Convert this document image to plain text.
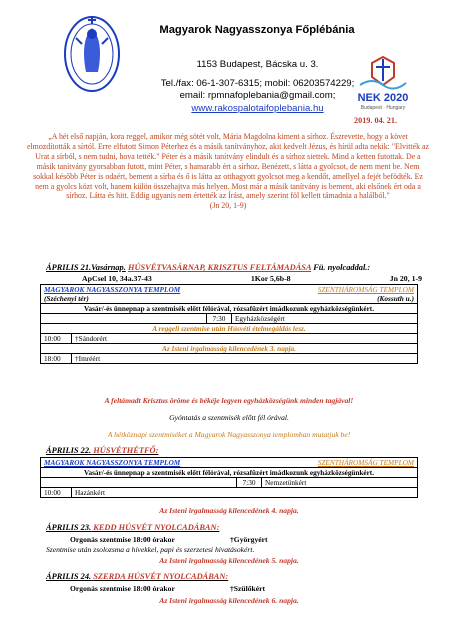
Magyarok Nagyasszonya Főplébánia
1153 Budapest, Bácska u. 3.
Tel./fax: 06-1-307-6315; mobil: 06203574229;
email: rpmnafoplebania@gmail.com;
www.rakospalotaifoplebania.hu
NEK 2020
Budapest · Hungary
2019. 04. 21.
„A hét első napján, kora reggel, amikor még sötét volt, Mária Magdolna kiment a sírhoz. Észrevette, hogy a követ elmozdították a sírtól. Erre elfutott Simon Péterhez és a másik tanítványhoz, akit kedvelt Jézus, és hírül adta nekik: "Elvitték az Urat a sírból, s nem tudni, hova tették." Péter és a másik tanítvány elindult és a sírhoz siettek. Mind a ketten futottak. De a másik tanítvány gyorsabban futott, mint Péter, s hamarabb ért a sírhoz. Benézett, s látta a gyolcsot, de nem ment be. Nem sokkal később Péter is odaért, bement a sírba és ő is látta az otthagyott gyolcsot meg a kendőt, amellyel a fejét befödték. Ez nem a gyolcs közt volt, hanem külön összehajtva más helyen. Most már a másik tanítvány is bement, aki elsőnek ért oda a sírhoz. Látta és hitt. Eddig ugyanis nem értették az Írást, amely szerint föl kellett támadnia a halálból."
(Jn 20, 1-9)
ÁPRILIS 21.Vasárnap. HÚSVÉTVASÁRNAP, KRISZTUS FELTÁMADÁSA Fü. nyolcaddal.:
ApCsel 10, 34a.37-43	1Kor 5,6b-8	Jn 20, 1-9
MAGYAROK NAGYASSZONYA TEMPLOM
(Széchenyi tér)

SZENTHÁROMSÁG TEMPLOM
(Kossuth u.)

Vasár/-és ünnepnap a szentmisék előtt félórával, rózsafüzért imádkozunk egyházközségünkért.

	7:30	Egyházközségért

A reggeli szentmise után Húsvéti ételmegáldás lesz.

10:00	†Sándorért

Az Isteni irgalmasság kilencedének 3. napja.

18:00	†Imréért
A feltámadt Krisztus öröme és békéje legyen egyházközségünk minden tagjával!
Gyóntatás a szentmisék előtt fél órával.
A hétköznapi szentmiséket a Magyarok Nagyasszonya templomban mutatjuk be!
ÁPRILIS 22. HÚSVÉTHÉTFŐ:
MAGYAROK NAGYASSZONYA TEMPLOM	SZENTHÁROMSÁG TEMPLOM
Vasár/-és ünnepnap a szentmisék előtt félórával, rózsafüzért imádkozunk egyházközségünkért.

	7:30	Nemzetünkért

10:00	Hazánkért
Az Isteni irgalmasság kilencedének 4. napja.
ÁPRILIS 23. KEDD HÚSVÉT NYOLCADÁBAN:
Orgonás szentmise 18:00 órakor	†Györgyért
Szentmise után zsolozsma a hívekkel, papi és szerzetesi hivatásokért.
Az Isteni irgalmasság kilencedének 5. napja.
ÁPRILIS 24. SZERDA HÚSVÉT NYOLCADÁBAN:
Orgonás szentmise 18:00 órakor	†Szülőkért
Az Isteni irgalmasság kilencedének 6. napja.
